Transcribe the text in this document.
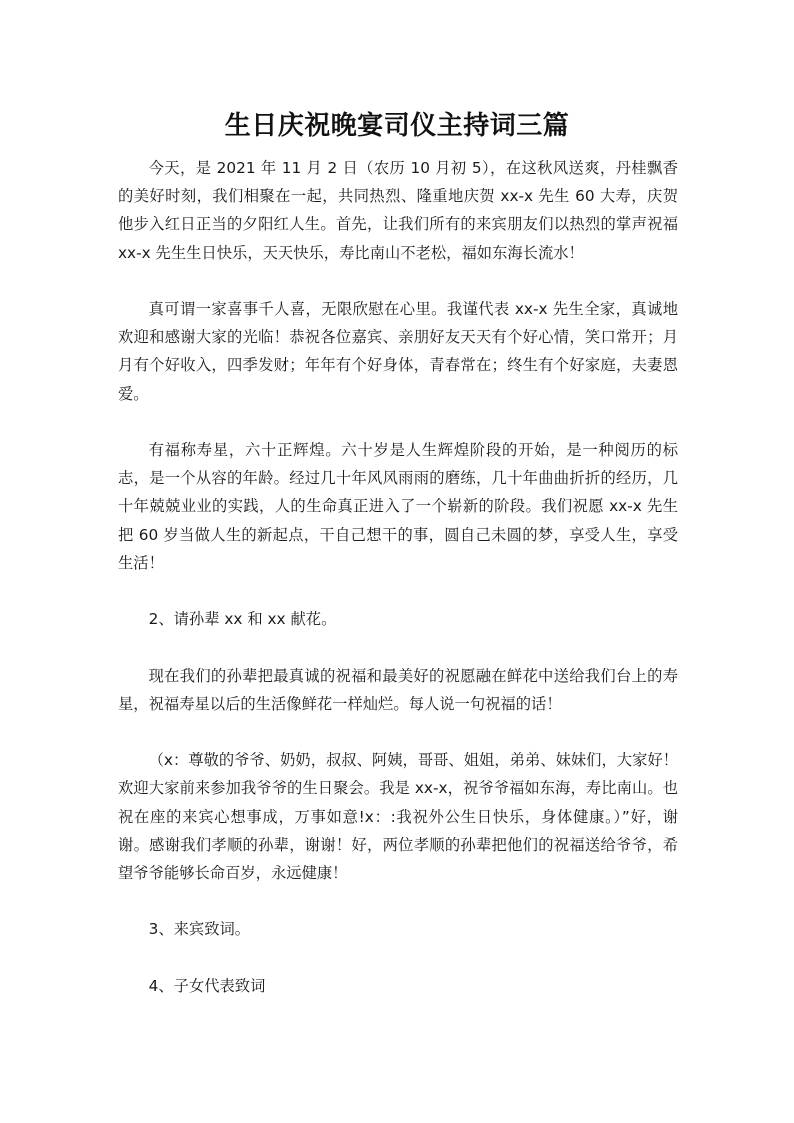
生日庆祝晚宴司仪主持词三篇

今天，是 2021 年 11 月 2 日（农历 10 月初 5），在这秋风送爽，丹桂飘香的美好时刻，我们相聚在一起，共同热烈、隆重地庆贺 xx-x 先生 60 大寿，庆贺他步入红日正当的夕阳红人生。首先，让我们所有的来宾朋友们以热烈的掌声祝福 xx-x 先生生日快乐，天天快乐，寿比南山不老松，福如东海长流水！

真可谓一家喜事千人喜，无限欣慰在心里。我谨代表 xx-x 先生全家，真诚地欢迎和感谢大家的光临！恭祝各位嘉宾、亲朋好友天天有个好心情，笑口常开；月月有个好收入，四季发财；年年有个好身体，青春常在；终生有个好家庭，夫妻恩爱。

有福称寿星，六十正辉煌。六十岁是人生辉煌阶段的开始，是一种阅历的标志，是一个从容的年龄。经过几十年风风雨雨的磨练，几十年曲曲折折的经历，几十年兢兢业业的实践，人的生命真正进入了一个崭新的阶段。我们祝愿 xx-x 先生把 60 岁当做人生的新起点，干自己想干的事，圆自己未圆的梦，享受人生，享受生活！

2、请孙辈 xx 和 xx 献花。

现在我们的孙辈把最真诚的祝福和最美好的祝愿融在鲜花中送给我们台上的寿星，祝福寿星以后的生活像鲜花一样灿烂。每人说一句祝福的话！

（x：尊敬的爷爷、奶奶，叔叔、阿姨，哥哥、姐姐，弟弟、妹妹们，大家好！欢迎大家前来参加我爷爷的生日聚会。我是 xx-x，祝爷爷福如东海，寿比南山。也祝在座的来宾心想事成，万事如意!x：:我祝外公生日快乐，身体健康。）”好，谢谢。感谢我们孝顺的孙辈，谢谢！好，两位孝顺的孙辈把他们的祝福送给爷爷，希望爷爷能够长命百岁，永远健康！

3、来宾致词。

4、子女代表致词
